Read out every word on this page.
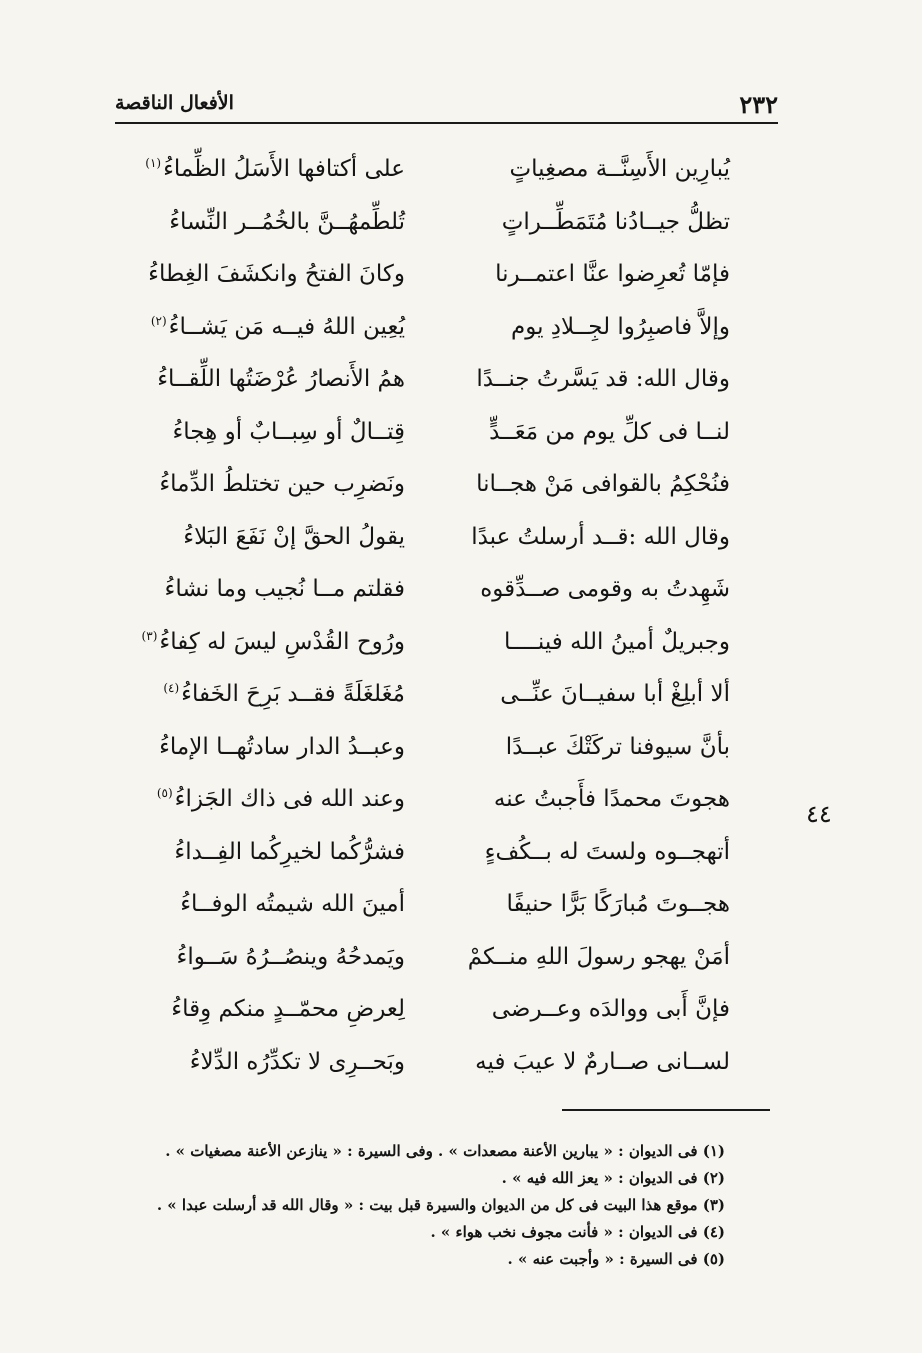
٢٣٢
الأفعال الناقصة
يُبارِين الأَسِنَّــة مصغِياتٍ
على أكتافها الأَسَلُ الظِّماءُ$^{(١)}$
تظلُّ جيــادُنا مُتَمَطِّــراتٍ
تُلطِّمهُــنَّ بالخُمُــر النِّساءُ
فإمّا تُعرِضوا عنَّا اعتمــرنا
وكانَ الفتحُ وانكشَفَ الغِطاءُ
وإلاَّ فاصبِرُوا لجِــلادِ يوم
يُعِين اللهُ فيــه مَن يَشــاءُ$^{(٢)}$
وقال الله: قد يَسَّرتُ جنــدًا
همُ الأَنصارُ عُرْضَتُها اللِّقــاءُ
لنــا فى كلِّ يوم من مَعَــدٍّ
قِتــالٌ أو سِبــابٌ أو هِجاءُ
فنُحْكِمُ بالقوافى مَنْ هجــانا
ونَضرِب حين تختلطُ الدِّماءُ
وقال الله :قــد أرسلتُ عبدًا
يقولُ الحقَّ إنْ نَفَعَ البَلاءُ
شَهِدتُ به وقومى صــدِّقوه
فقلتم مــا نُجيب وما نشاءُ
وجبريلٌ أمينُ الله فينــــا
ورُوح القُدْسِ ليسَ له كِفاءُ$^{(٣)}$
ألا أبلِغْ أبا سفيــانَ عنِّــى
مُغَلغَلَةً فقــد بَرِحَ الخَفاءُ$^{(٤)}$
بأنَّ سيوفنا تركَتْكَ عبــدًا
وعبــدُ الدار سادتُهــا الإماءُ
هجوتَ محمدًا فأَجبتُ عنه
وعند الله فى ذاك الجَزاءُ$^{(٥)}$
أتهجــوه ولستَ له بــكُفءٍ
فشرُّكُما لخيرِكُما الفِــداءُ
هجــوتَ مُبارَكًا بَرًّا حنيفًا
أمينَ الله شيمتُه الوفــاءُ
أمَنْ يهجو رسولَ اللهِ منــكمْ
ويَمدحُهُ وينصُــرُهُ سَــواءُ
فإنَّ أَبى ووالدَه وعــرضى
لِعرضِ محمّــدٍ منكم وِقاءُ
لســانى صــارمٌ لا عيبَ فيه
وبَحــرِى لا تكدِّرُه الدِّلاءُ
٤٤
(١) فى الديوان : « يبارين الأعنة مصعدات » . وفى السيرة : « ينازعن الأعنة مصغيات » .
(٢) فى الديوان : « يعز الله فيه » .
(٣) موقع هذا البيت فى كل من الديوان والسيرة قبل بيت : « وقال الله قد أرسلت عبدا » .
(٤) فى الديوان : « فأنت مجوف نخب هواء » .
(٥) فى السيرة : « وأجبت عنه » .
